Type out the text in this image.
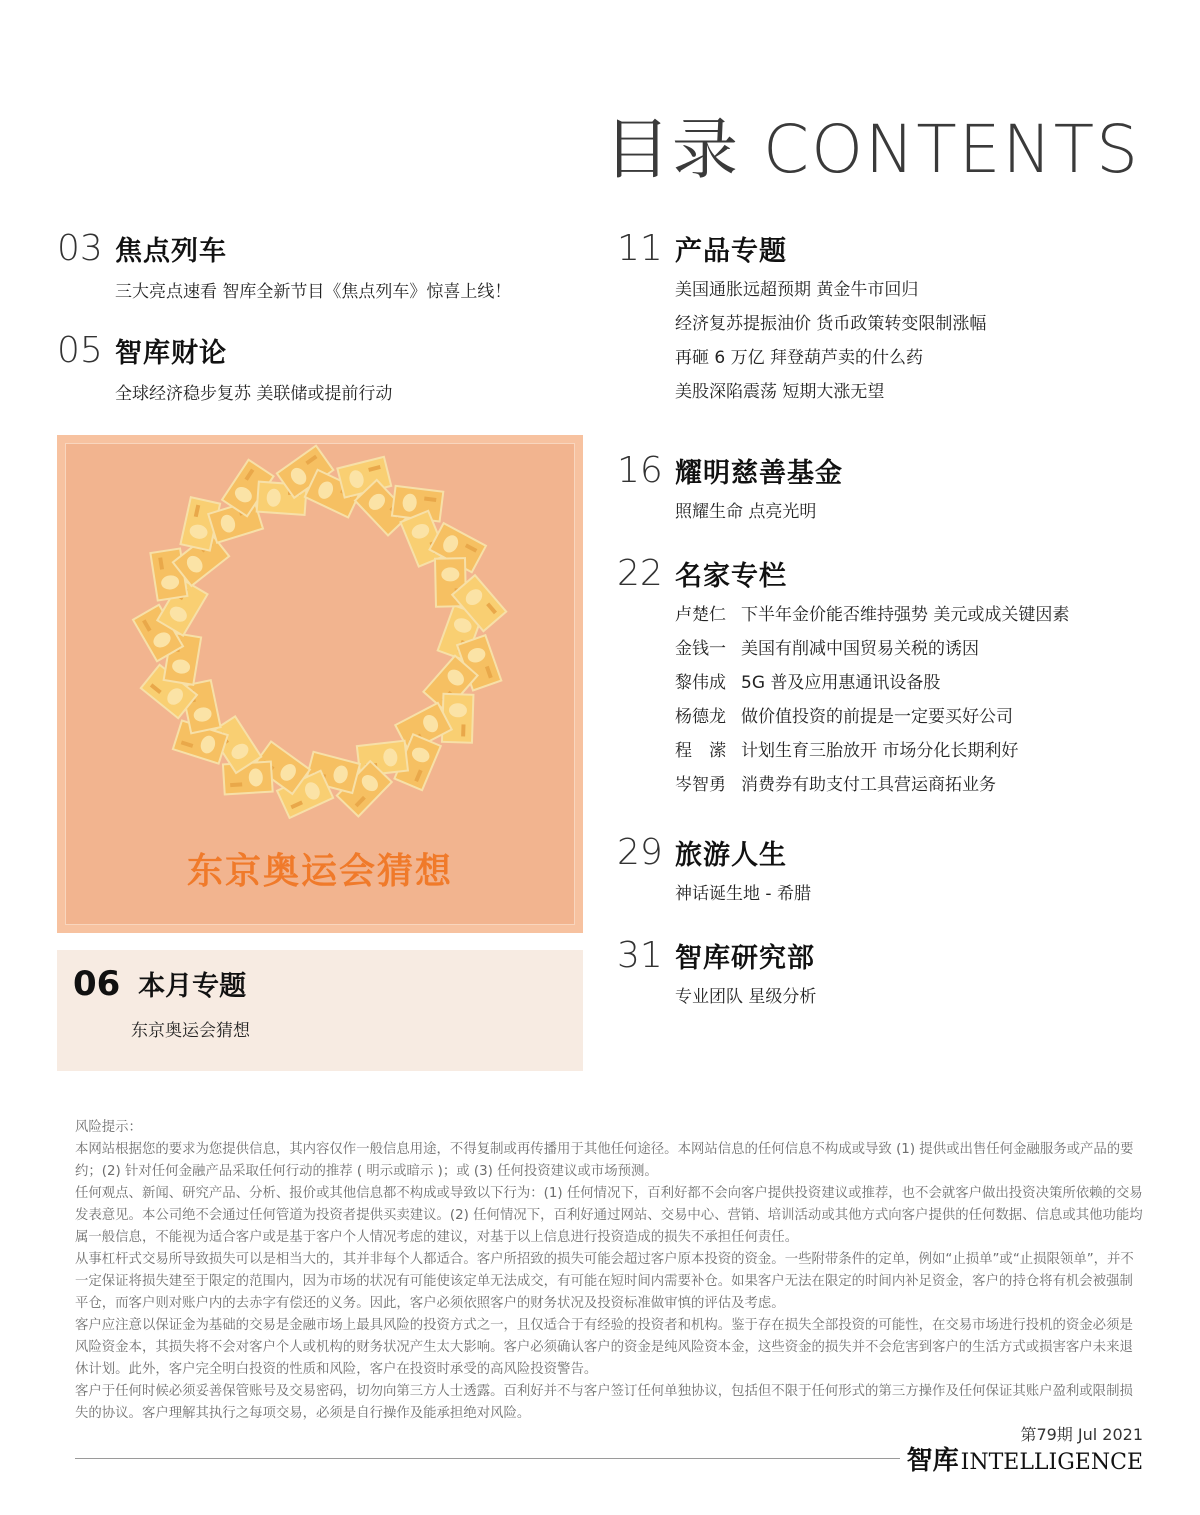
目录 CONTENTS
03 焦点列车
三大亮点速看 智库全新节目《焦点列车》惊喜上线！
05 智库财论
全球经济稳步复苏 美联储或提前行动
东京奥运会猜想
06 本月专题
东京奥运会猜想
11 产品专题
美国通胀远超预期 黄金牛市回归
经济复苏提振油价 货币政策转变限制涨幅
再砸 6 万亿 拜登葫芦卖的什么药
美股深陷震荡 短期大涨无望
16 耀明慈善基金
照耀生命 点亮光明
22 名家专栏
卢楚仁 下半年金价能否维持强势 美元或成关键因素
金钱一 美国有削减中国贸易关税的诱因
黎伟成 5G 普及应用惠通讯设备股
杨德龙 做价值投资的前提是一定要买好公司
程　潆 计划生育三胎放开 市场分化长期利好
岑智勇 消费券有助支付工具营运商拓业务
29 旅游人生
神话诞生地 - 希腊
31 智库研究部
专业团队 星级分析

风险提示：

本网站根据您的要求为您提供信息，其内容仅作一般信息用途，不得复制或再传播用于其他任何途径。本网站信息的任何信息不构成或导致 (1) 提供或出售任何金融服务或产品的要约；(2) 针对任何金融产品采取任何行动的推荐 ( 明示或暗示 )；或 (3) 任何投资建议或市场预测。

任何观点、新闻、研究产品、分析、报价或其他信息都不构成或导致以下行为：(1) 任何情况下，百利好都不会向客户提供投资建议或推荐，也不会就客户做出投资决策所依赖的交易发表意见。本公司绝不会通过任何管道为投资者提供买卖建议。(2) 任何情况下，百利好通过网站、交易中心、营销、培训活动或其他方式向客户提供的任何数据、信息或其他功能均属一般信息，不能视为适合客户或是基于客户个人情况考虑的建议，对基于以上信息进行投资造成的损失不承担任何责任。

从事杠杆式交易所导致损失可以是相当大的，其并非每个人都适合。客户所招致的损失可能会超过客户原本投资的资金。一些附带条件的定单，例如“止损单”或“止损限领单”，并不一定保证将损失建至于限定的范围内，因为市场的状况有可能使该定单无法成交，有可能在短时间内需要补仓。如果客户无法在限定的时间内补足资金，客户的持仓将有机会被强制平仓，而客户则对账户内的去赤字有偿还的义务。因此，客户必须依照客户的财务状况及投资标准做审慎的评估及考虑。

客户应注意以保证金为基础的交易是金融市场上最具风险的投资方式之一，且仅适合于有经验的投资者和机构。鉴于存在损失全部投资的可能性，在交易市场进行投机的资金必须是风险资金本，其损失将不会对客户个人或机构的财务状况产生太大影响。客户必须确认客户的资金是纯风险资本金，这些资金的损失并不会危害到客户的生活方式或损害客户未来退休计划。此外，客户完全明白投资的性质和风险，客户在投资时承受的高风险投资警告。

客户于任何时候必须妥善保管账号及交易密码，切勿向第三方人士透露。百利好并不与客户签订任何单独协议，包括但不限于任何形式的第三方操作及任何保证其账户盈利或限制损失的协议。客户理解其执行之每项交易，必须是自行操作及能承担绝对风险。

第79期 Jul 2021
智库 INTELLIGENCE
